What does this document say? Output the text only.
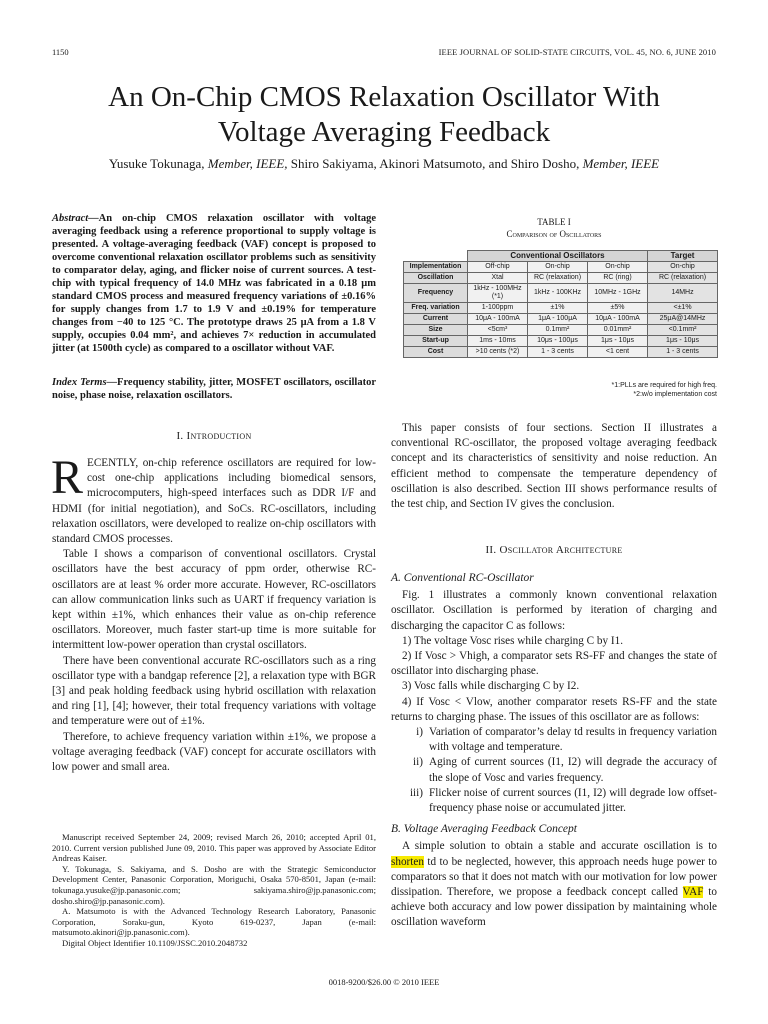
1150	IEEE JOURNAL OF SOLID-STATE CIRCUITS, VOL. 45, NO. 6, JUNE 2010
An On-Chip CMOS Relaxation Oscillator With
Voltage Averaging Feedback
Yusuke Tokunaga, Member, IEEE, Shiro Sakiyama, Akinori Matsumoto, and Shiro Dosho, Member, IEEE
Abstract—An on-chip CMOS relaxation oscillator with voltage averaging feedback using a reference proportional to supply voltage is presented. A voltage-averaging feedback (VAF) concept is proposed to overcome conventional relaxation oscillator problems such as sensitivity to comparator delay, aging, and flicker noise of current sources. A test-chip with typical frequency of 14.0 MHz was fabricated in a 0.18 μm standard CMOS process and measured frequency variations of ±0.16% for supply changes from 1.7 to 1.9 V and ±0.19% for temperature changes from −40 to 125 °C. The prototype draws 25 μA from a 1.8 V supply, occupies 0.04 mm², and achieves 7× reduction in accumulated jitter (at 1500th cycle) as compared to a oscillator without VAF.
Index Terms—Frequency stability, jitter, MOSFET oscillators, oscillator noise, phase noise, relaxation oscillators.
I. Introduction

RECENTLY, on-chip reference oscillators are required for low-cost one-chip applications including biomedical sensors, microcomputers, high-speed interfaces such as DDR I/F and HDMI (for initial negotiation), and SoCs. RC-oscillators, including relaxation oscillators, were developed to realize on-chip oscillators with standard CMOS processes.

Table I shows a comparison of conventional oscillators. Crystal oscillators have the best accuracy of ppm order, otherwise RC-oscillators are at least % order more accurate. However, RC-oscillators can allow communication links such as UART if frequency variation is kept within ±1%, which enhances their value as on-chip reference oscillators. Moreover, much faster start-up time is more suitable for intermittent low-power operation than crystal oscillators.

There have been conventional accurate RC-oscillators such as a ring oscillator type with a bandgap reference [2], a relaxation type with BGR [3] and peak holding feedback using hybrid oscillation with relaxation and ring [1], [4]; however, their total frequency variations with voltage and temperature were out of ±1%.

Therefore, to achieve frequency variation within ±1%, we propose a voltage averaging feedback (VAF) concept for accurate oscillators with low power and small area.

Manuscript received September 24, 2009; revised March 26, 2010; accepted April 01, 2010. Current version published June 09, 2010. This paper was approved by Associate Editor Andreas Kaiser.

Y. Tokunaga, S. Sakiyama, and S. Dosho are with the Strategic Semiconductor Development Center, Panasonic Corporation, Moriguchi, Osaka 570-8501, Japan (e-mail: tokunaga.yusuke@jp.panasonic.com; sakiyama.shiro@jp.panasonic.com; dosho.shiro@jp.panasonic.com).

A. Matsumoto is with the Advanced Technology Research Laboratory, Panasonic Corporation, Soraku-gun, Kyoto 619-0237, Japan (e-mail: matsumoto.akinori@jp.panasonic.com).

Digital Object Identifier 10.1109/JSSC.2010.2048732

TABLE I
Comparison of Oscillators
	Conventional Oscillators			Target
Implementation	Off-chip	On-chip	On-chip	On-chip
Oscillation	Xtal	RC (relaxation)	RC (ring)	RC (relaxation)
Frequency	1kHz - 100MHz (*1)	1kHz - 100KHz	10MHz - 1GHz	14MHz
Freq. variation	1-100ppm	±1%	±5%	<±1%
Current	10μA - 100mA	1μA - 100μA	10μA - 100mA	25μA@14MHz
Size	<5cm³	0.1mm²	0.01mm²	<0.1mm²
Start-up	1ms - 10ms	10μs - 100μs	1μs - 10μs	1μs - 10μs
Cost	>10 cents (*2)	1 - 3 cents	<1 cent	1 - 3 cents
*1:PLLs are required for high freq.
*2:w/o implementation cost

This paper consists of four sections. Section II illustrates a conventional RC-oscillator, the proposed voltage averaging feedback concept and its characteristics of sensitivity and noise reduction. An efficient method to compensate the temperature dependency of oscillation is also described. Section III shows performance results of the test chip, and Section IV gives the conclusion.

II. Oscillator Architecture
A. Conventional RC-Oscillator

Fig. 1 illustrates a commonly known conventional relaxation oscillator. Oscillation is performed by iteration of charging and discharging the capacitor C as follows:

1) The voltage Vosc rises while charging C by I1.

2) If Vosc > Vhigh, a comparator sets RS-FF and changes the state of oscillator into discharging phase.

3) Vosc falls while discharging C by I2.

4) If Vosc < Vlow, another comparator resets RS-FF and the state returns to charging phase. The issues of this oscillator are as follows:

i) Variation of comparator’s delay td results in frequency variation with voltage and temperature.
ii) Aging of current sources (I1, I2) will degrade the accuracy of the slope of Vosc and varies frequency.
iii) Flicker noise of current sources (I1, I2) will degrade low offset-frequency phase noise or accumulated jitter.
B. Voltage Averaging Feedback Concept

A simple solution to obtain a stable and accurate oscillation is to shorten td to be neglected, however, this approach needs huge power to comparators so that it does not match with our motivation for low power dissipation. Therefore, we propose a feedback concept called VAF to achieve both accuracy and low power dissipation by maintaining whole oscillation waveform

0018-9200/$26.00 © 2010 IEEE
